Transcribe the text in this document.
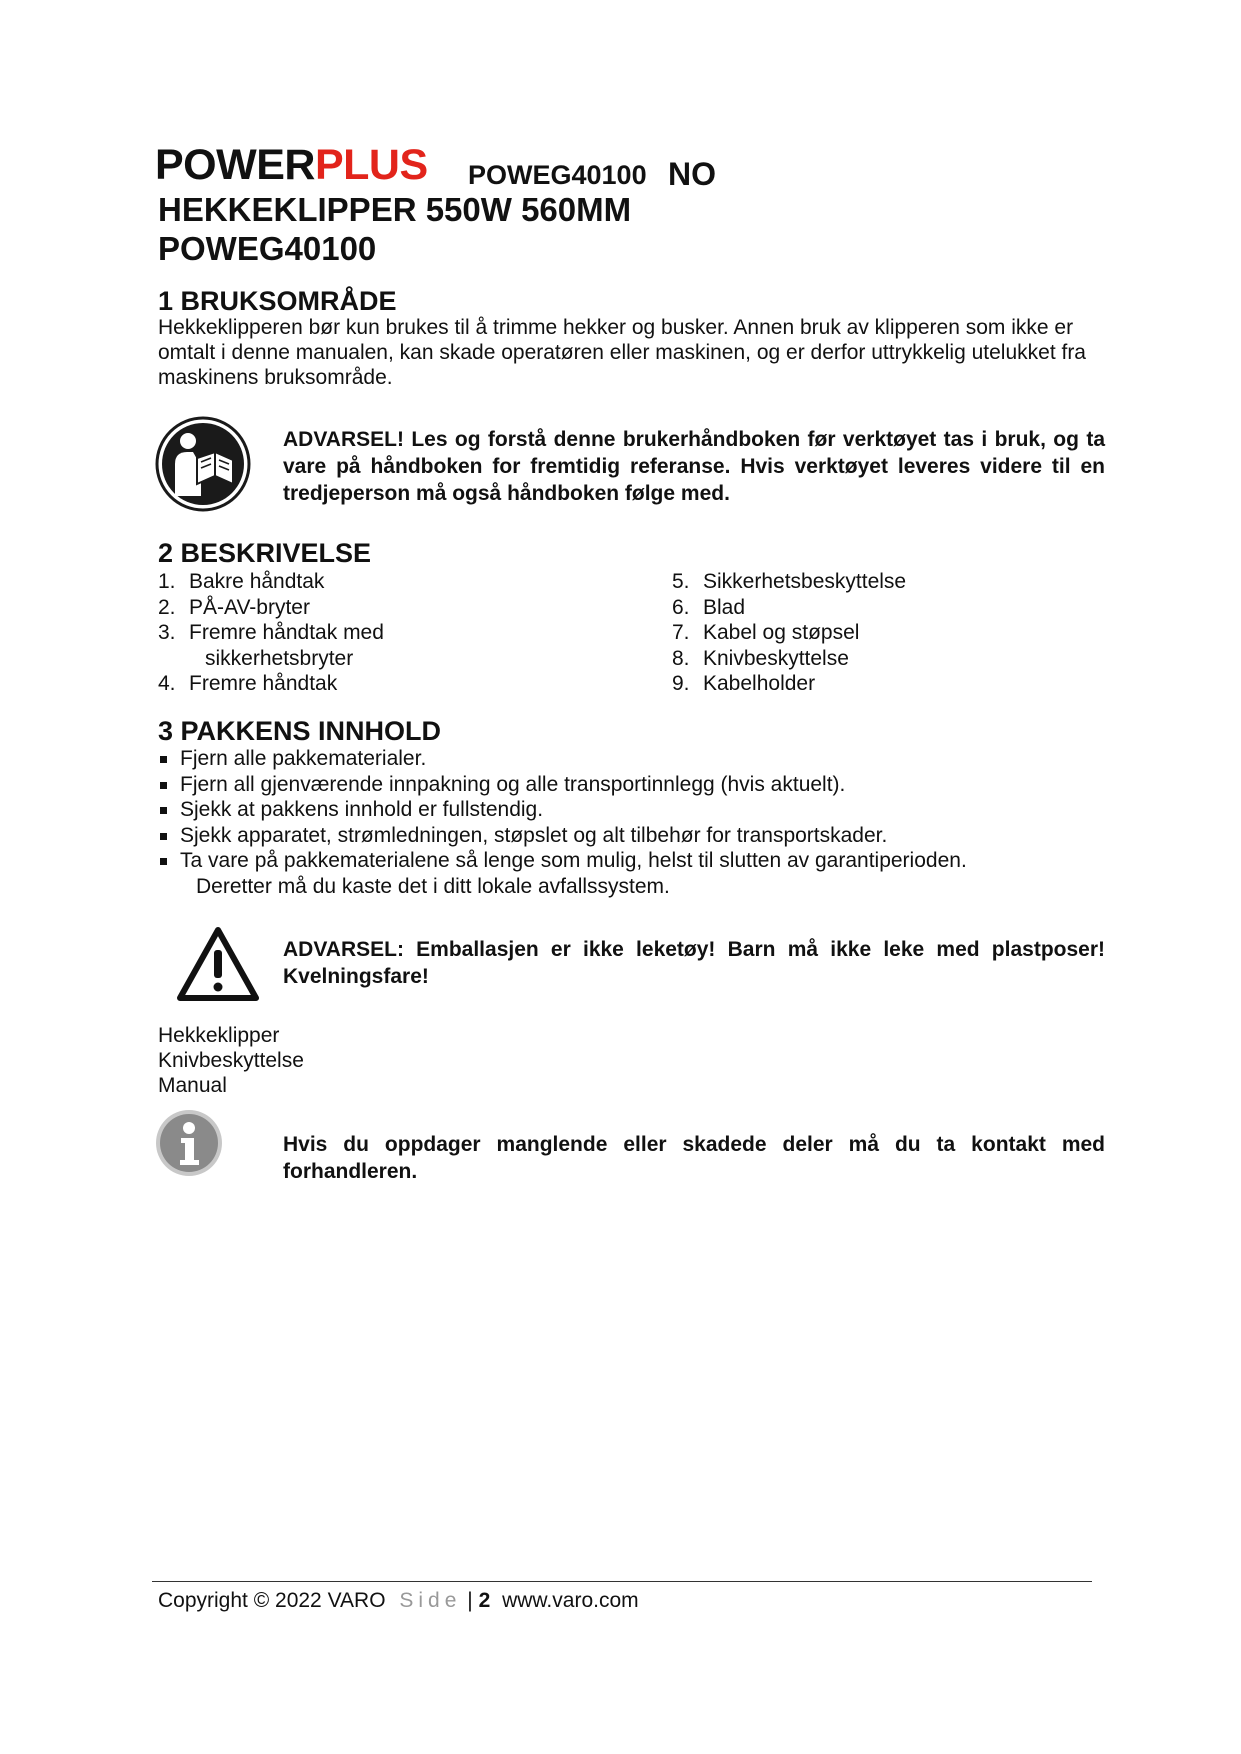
POWERPLUS POWEG40100 NO
HEKKEKLIPPER 550W 560MM
POWEG40100
1 BRUKSOMRÅDE
Hekkeklipperen bør kun brukes til å trimme hekker og busker. Annen bruk av klipperen som ikke er omtalt i denne manualen, kan skade operatøren eller maskinen, og er derfor uttrykkelig utelukket fra maskinens bruksområde.
ADVARSEL! Les og forstå denne brukerhåndboken før verktøyet tas i bruk, og ta vare på håndboken for fremtidig referanse. Hvis verktøyet leveres videre til en tredjeperson må også håndboken følge med.
2 BESKRIVELSE
1. Bakre håndtak
2. PÅ-AV-bryter
3. Fremre håndtak med
sikkerhetsbryter
4. Fremre håndtak
5. Sikkerhetsbeskyttelse
6. Blad
7. Kabel og støpsel
8. Knivbeskyttelse
9. Kabelholder
3 PAKKENS INNHOLD
Fjern alle pakkematerialer.
Fjern all gjenværende innpakning og alle transportinnlegg (hvis aktuelt).
Sjekk at pakkens innhold er fullstendig.
Sjekk apparatet, strømledningen, støpslet og alt tilbehør for transportskader.
Ta vare på pakkematerialene så lenge som mulig, helst til slutten av garantiperioden.
Deretter må du kaste det i ditt lokale avfallssystem.
ADVARSEL: Emballasjen er ikke leketøy! Barn må ikke leke med plastposer! Kvelningsfare!
Hekkeklipper
Knivbeskyttelse
Manual
Hvis du oppdager manglende eller skadede deler må du ta kontakt med forhandleren.
Copyright © 2022 VARO Side | 2 www.varo.com
